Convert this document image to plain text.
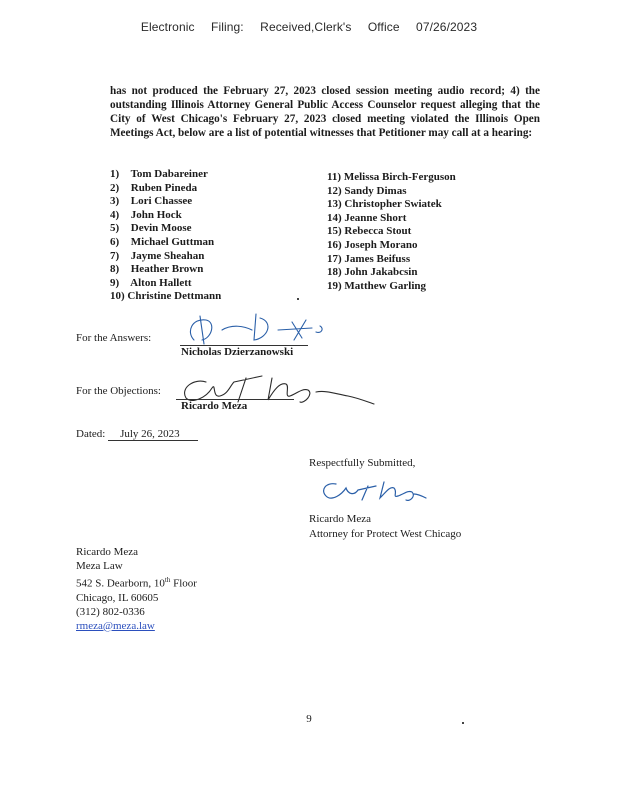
Electronic Filing: Received,Clerk's Office 07/26/2023
has not produced the February 27, 2023 closed session meeting audio record; 4) the outstanding Illinois Attorney General Public Access Counselor request alleging that the City of West Chicago's February 27, 2023 closed meeting violated the Illinois Open Meetings Act, below are a list of potential witnesses that Petitioner may call at a hearing:
1) Tom Dabareiner
2) Ruben Pineda
3) Lori Chassee
4) John Hock
5) Devin Moose
6) Michael Guttman
7) Jayme Sheahan
8) Heather Brown
9) Alton Hallett
10) Christine Dettmann
11) Melissa Birch-Ferguson
12) Sandy Dimas
13) Christopher Swiatek
14) Jeanne Short
15) Rebecca Stout
16) Joseph Morano
17) James Beifuss
18) John Jakabcsin
19) Matthew Garling
For the Answers:
Nicholas Dzierzanowski
For the Objections:
Ricardo Meza
Dated: July 26, 2023
Respectfully Submitted,
Ricardo Meza
Attorney for Protect West Chicago
Ricardo Meza
Meza Law
542 S. Dearborn, 10th Floor
Chicago, IL 60605
(312) 802-0336
rmeza@meza.law
9
